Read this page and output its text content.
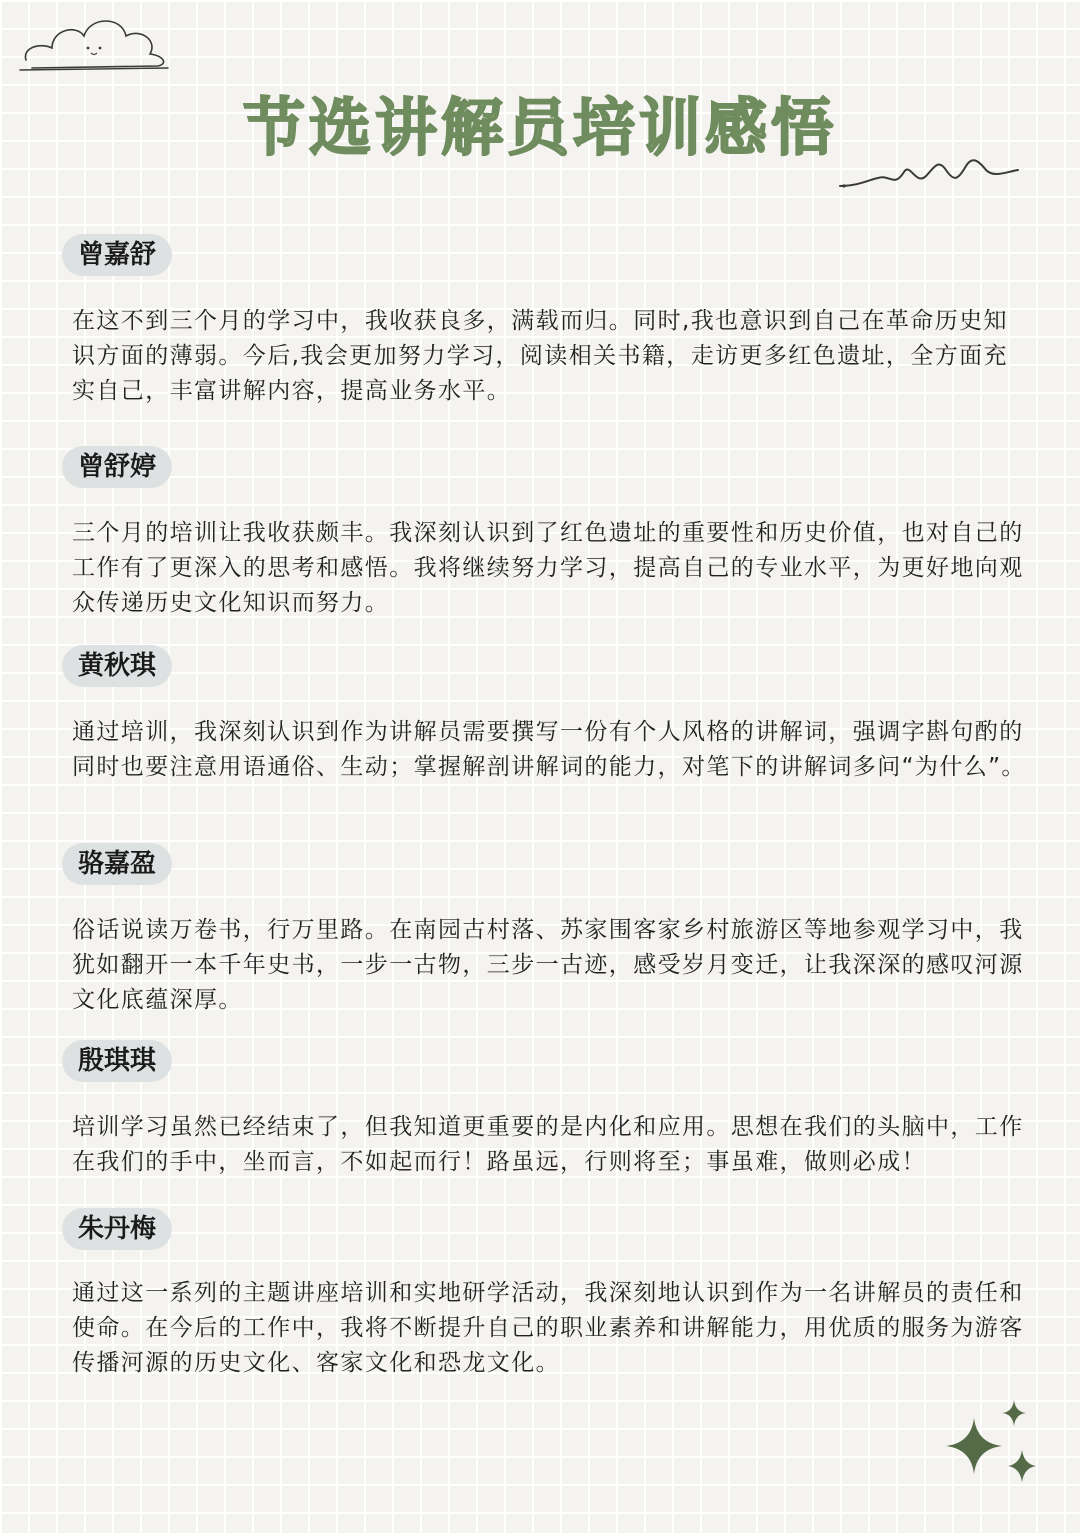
节选讲解员培训感悟
曾嘉舒

在这不到三个月的学习中，我收获良多，满载而归。同时,我也意识到自己在革命历史知识方面的薄弱。今后,我会更加努力学习，阅读相关书籍，走访更多红色遗址，全方面充实自己，丰富讲解内容，提高业务水平。

曾舒婷

三个月的培训让我收获颇丰。我深刻认识到了红色遗址的重要性和历史价值，也对自己的工作有了更深入的思考和感悟。我将继续努力学习，提高自己的专业水平，为更好地向观众传递历史文化知识而努力。

黄秋琪

通过培训，我深刻认识到作为讲解员需要撰写一份有个人风格的讲解词，强调字斟句酌的同时也要注意用语通俗、生动；掌握解剖讲解词的能力，对笔下的讲解词多问“为什么”。

骆嘉盈

俗话说读万卷书，行万里路。在南园古村落、苏家围客家乡村旅游区等地参观学习中，我犹如翻开一本千年史书，一步一古物，三步一古迹，感受岁月变迁，让我深深的感叹河源文化底蕴深厚。

殷琪琪

培训学习虽然已经结束了，但我知道更重要的是内化和应用。思想在我们的头脑中，工作在我们的手中，坐而言，不如起而行！路虽远，行则将至；事虽难，做则必成！

朱丹梅

通过这一系列的主题讲座培训和实地研学活动，我深刻地认识到作为一名讲解员的责任和使命。在今后的工作中，我将不断提升自己的职业素养和讲解能力，用优质的服务为游客传播河源的历史文化、客家文化和恐龙文化。
